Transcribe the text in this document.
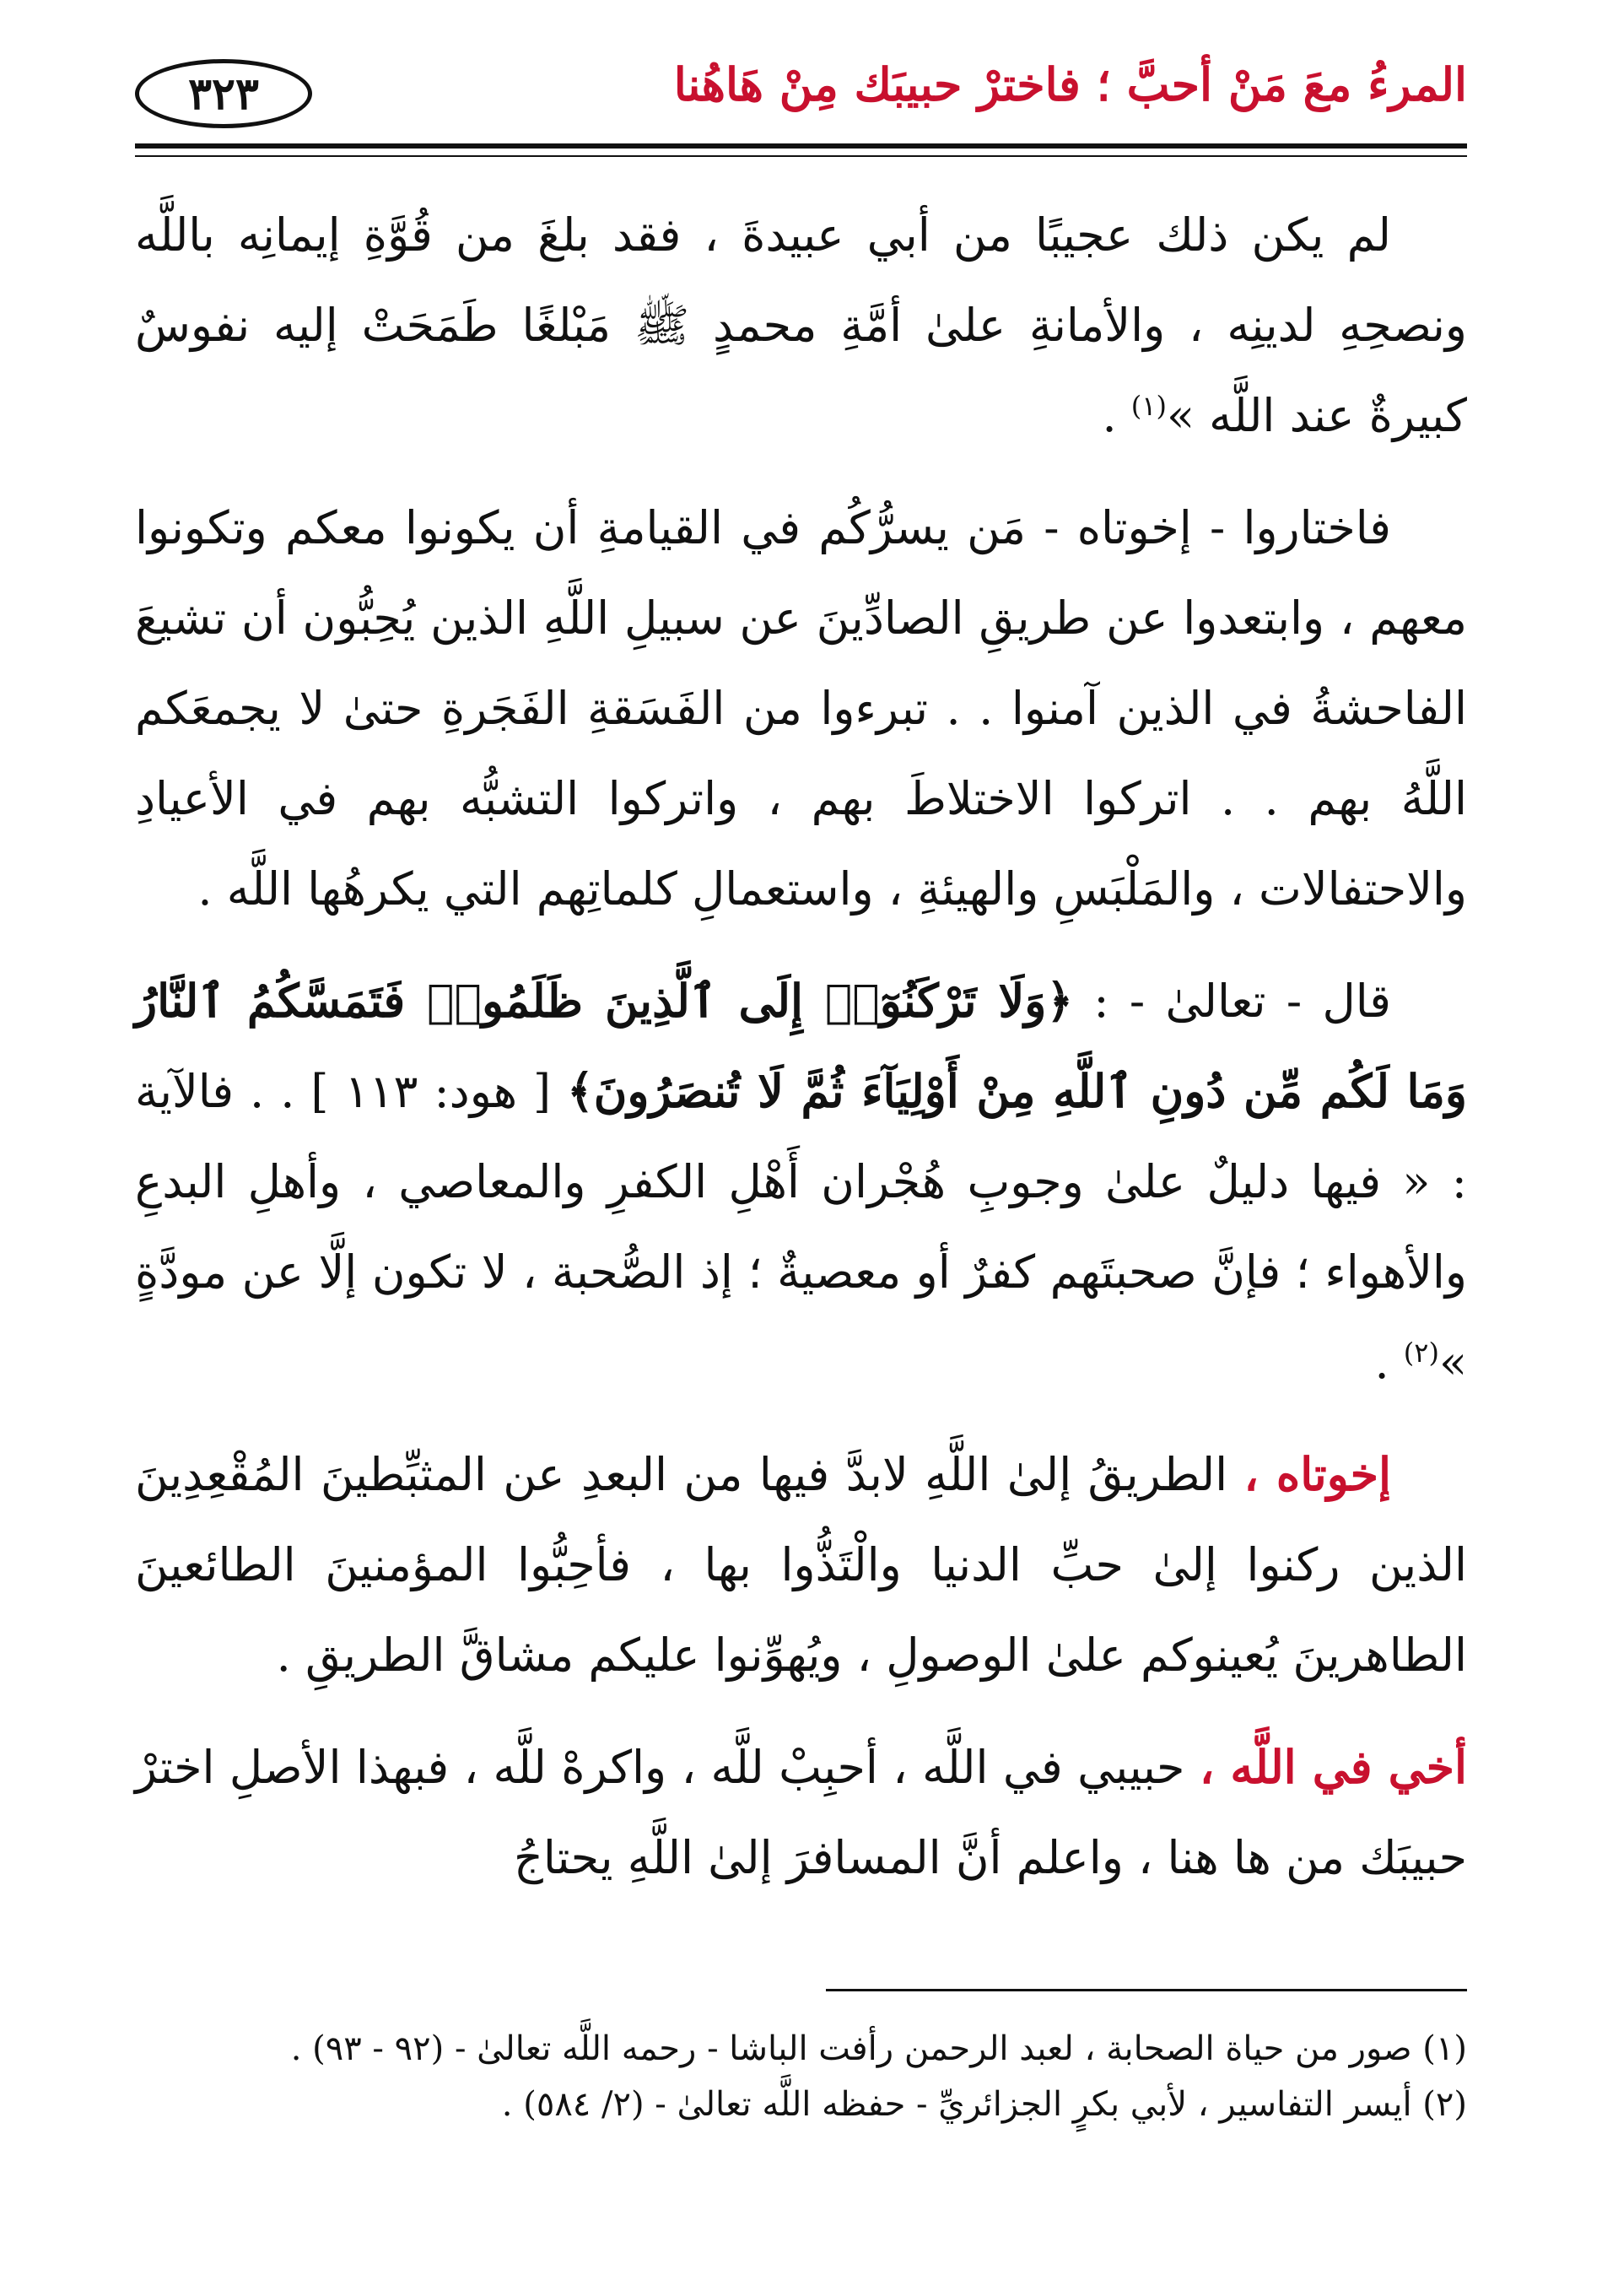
المرءُ معَ مَنْ أحبَّ ؛ فاخترْ حبيبَك مِنْ هَاهُنا
٣٢٣

لم يكن ذلك عجيبًا من أبي عبيدةَ ، فقد بلغَ من قُوَّةِ إيمانِه باللَّه ونصحِهِ لدينِه ، والأمانةِ علىٰ أمَّةِ محمدٍ ﷺ مَبْلغًا طَمَحَتْ إليه نفوسٌ كبيرةٌ عند اللَّه »$^{(١)}$ .

فاختاروا - إخوتاه - مَن يسرُّكُم في القيامةِ أن يكونوا معكم وتكونوا معهم ، وابتعدوا عن طريقِ الصادِّينَ عن سبيلِ اللَّهِ الذين يُحِبُّون أن تشيعَ الفاحشةُ في الذين آمنوا . . تبرءوا من الفَسَقةِ الفَجَرةِ حتىٰ لا يجمعَكم اللَّهُ بهم . . اتركوا الاختلاطَ بهم ، واتركوا التشبُّه بهم في الأعيادِ والاحتفالات ، والمَلْبَسِ والهيئةِ ، واستعمالِ كلماتِهم التي يكرهُها اللَّه .

قال - تعالىٰ - : ﴿وَلَا تَرْكَنُوٓا۟ إِلَى ٱلَّذِينَ ظَلَمُوا۟ فَتَمَسَّكُمُ ٱلنَّارُ وَمَا لَكُم مِّن دُونِ ٱللَّهِ مِنْ أَوْلِيَآءَ ثُمَّ لَا تُنصَرُونَ﴾ [ هود: ١١٣ ] . . فالآية : « فيها دليلٌ علىٰ وجوبِ هُجْران أَهْلِ الكفرِ والمعاصي ، وأهلِ البدعِ والأهواء ؛ فإنَّ صحبتَهم كفرٌ أو معصيةٌ ؛ إذ الصُّحبة ، لا تكون إلَّا عن مودَّةٍ »$^{(٢)}$ .

إخوتاه ، الطريقُ إلىٰ اللَّهِ لابدَّ فيها من البعدِ عن المثبِّطينَ المُقْعِدِينَ الذين ركنوا إلىٰ حبِّ الدنيا والْتَذُّوا بها ، فأحِبُّوا المؤمنينَ الطائعينَ الطاهرينَ يُعينوكم علىٰ الوصولِ ، ويُهوِّنوا عليكم مشاقَّ الطريقِ .

أخي في اللَّه ، حبيبي في اللَّه ، أحبِبْ للَّه ، واكرهْ للَّه ، فبهذا الأصلِ اخترْ حبيبَك من ها هنا ، واعلم أنَّ المسافرَ إلىٰ اللَّهِ يحتاجُ

(١) صور من حياة الصحابة ، لعبد الرحمن رأفت الباشا - رحمه اللَّه تعالىٰ - (٩٢ - ٩٣) .

(٢) أيسر التفاسير ، لأبي بكرٍ الجزائريِّ - حفظه اللَّه تعالىٰ - (٢/ ٥٨٤) .
